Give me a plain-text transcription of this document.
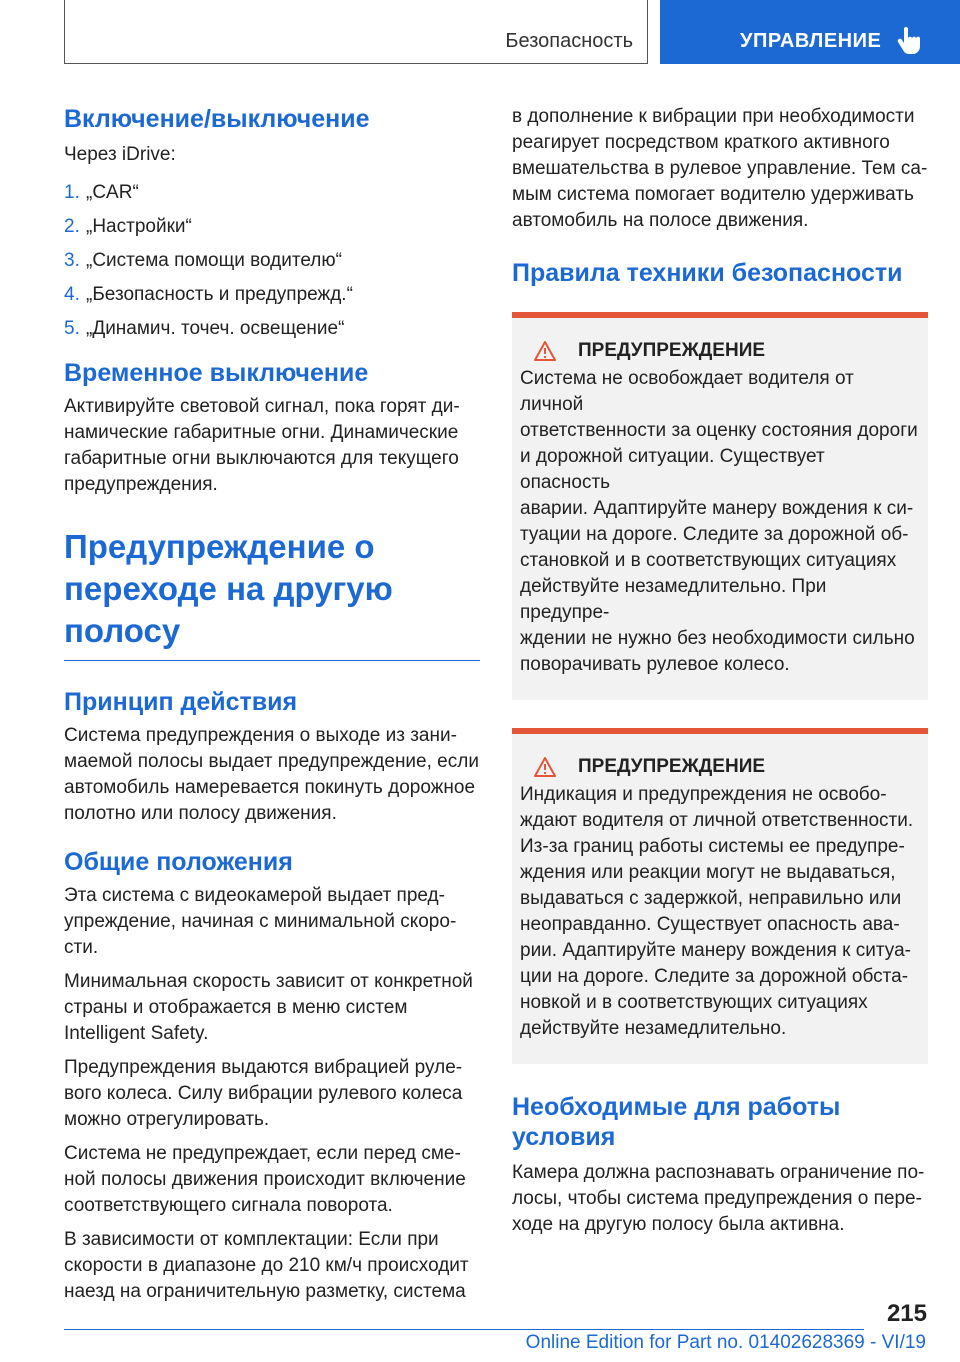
Безопасность	УПРАВЛЕНИЕ
Включение/выключение
Через iDrive:
1. „CAR“
2. „Настройки“
3. „Система помощи водителю“
4. „Безопасность и предупрежд.“
5. „Динамич. точеч. освещение“
Временное выключение
Активируйте световой сигнал, пока горят ди-
намические габаритные огни. Динамические
габаритные огни выключаются для текущего
предупреждения.
Предупреждение о
переходе на другую
полосу
Принцип действия
Система предупреждения о выходе из зани-
маемой полосы выдает предупреждение, если
автомобиль намеревается покинуть дорожное
полотно или полосу движения.
Общие положения
Эта система с видеокамерой выдает пред-
упреждение, начиная с минимальной скоро-
сти.
Минимальная скорость зависит от конкретной
страны и отображается в меню систем
Intelligent Safety.
Предупреждения выдаются вибрацией руле-
вого колеса. Силу вибрации рулевого колеса
можно отрегулировать.
Система не предупреждает, если перед сме-
ной полосы движения происходит включение
соответствующего сигнала поворота.
В зависимости от комплектации: Если при
скорости в диапазоне до 210 км/ч происходит
наезд на ограничительную разметку, система
в дополнение к вибрации при необходимости
реагирует посредством краткого активного
вмешательства в рулевое управление. Тем са-
мым система помогает водителю удерживать
автомобиль на полосе движения.
Правила техники безопасности
ПРЕДУПРЕЖДЕНИЕ
Система не освобождает водителя от личной
ответственности за оценку состояния дороги
и дорожной ситуации. Существует опасность
аварии. Адаптируйте манеру вождения к си-
туации на дороге. Следите за дорожной об-
становкой и в соответствующих ситуациях
действуйте незамедлительно. При предупре-
ждении не нужно без необходимости сильно
поворачивать рулевое колесо.
ПРЕДУПРЕЖДЕНИЕ
Индикация и предупреждения не освобо-
ждают водителя от личной ответственности.
Из-за границ работы системы ее предупре-
ждения или реакции могут не выдаваться,
выдаваться с задержкой, неправильно или
неоправданно. Существует опасность ава-
рии. Адаптируйте манеру вождения к ситуа-
ции на дороге. Следите за дорожной обста-
новкой и в соответствующих ситуациях
действуйте незамедлительно.
Необходимые для работы
условия
Камера должна распознавать ограничение по-
лосы, чтобы система предупреждения о пере-
ходе на другую полосу была активна.
215
Online Edition for Part no. 01402628369 - VI/19
